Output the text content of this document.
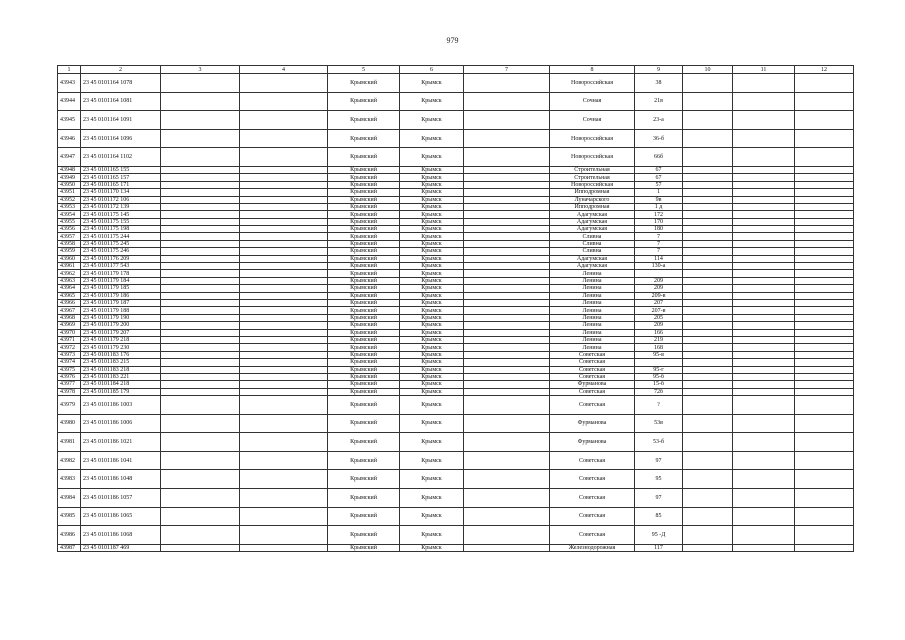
979
1	2	3	4	5	6	7	8	9	10	11	12
43943	23 45 0101164 1078			Крымский	Крымск		Новороссийская	38			
43944	23 45 0101164 1081			Крымский	Крымск		Сочная	21в			
43945	23 45 0101164 1091			Крымский	Крымск		Сочная	23-а			
43946	23 45 0101164 1096			Крымский	Крымск		Новороссийская	36-б			
43947	23 45 0101164 1102			Крымский	Крымск		Новороссийская	66б			
43948	23 45 0101165 155			Крымский	Крымск		Строительная	67			
43949	23 45 0101165 157			Крымский	Крымск		Строительная	67			
43950	23 45 0101165 171			Крымский	Крымск		Новороссийская	57			
43951	23 45 0101170 134			Крымский	Крымск		Ипподромная	1			
43952	23 45 0101172 106			Крымский	Крымск		Луначарского	9в			
43953	23 45 0101172 139			Крымский	Крымск		Ипподромная	1 д			
43954	23 45 0101175 145			Крымский	Крымск		Адагумская	172			
43955	23 45 0101175 155			Крымский	Крымск		Адагумская	170			
43956	23 45 0101175 198			Крымский	Крымск		Адагумская	180			
43957	23 45 0101175 244			Крымский	Крымск		Сливна	7			
43958	23 45 0101175 245			Крымский	Крымск		Сливна	7			
43959	23 45 0101175 246			Крымский	Крымск		Сливна	7			
43960	23 45 0101176 209			Крымский	Крымск		Адагумская	114			
43961	23 45 0101177 543			Крымский	Крымск		Адагумская	130-а			
43962	23 45 0101179 178			Крымский	Крымск		Ленина				
43963	23 45 0101179 184			Крымский	Крымск		Ленина	209			
43964	23 45 0101179 185			Крымский	Крымск		Ленина	209			
43965	23 45 0101179 186			Крымский	Крымск		Ленина	209-в			
43966	23 45 0101179 187			Крымский	Крымск		Ленина	207			
43967	23 45 0101179 188			Крымский	Крымск		Ленина	207-в			
43968	23 45 0101179 190			Крымский	Крымск		Ленина	205			
43969	23 45 0101179 200			Крымский	Крымск		Ленина	209			
43970	23 45 0101179 207			Крымский	Крымск		Ленина	166			
43971	23 45 0101179 218			Крымский	Крымск		Ленина	219			
43972	23 45 0101179 230			Крымский	Крымск		Ленина	168			
43973	23 45 0101183 176			Крымский	Крымск		Советская	95-в			
43974	23 45 0101183 215			Крымский	Крымск		Советская				
43975	23 45 0101183 218			Крымский	Крымск		Советская	95-г			
43976	23 45 0101183 221			Крымский	Крымск		Советская	95-б			
43977	23 45 0101184 218			Крымский	Крымск		Фурманова	15-б			
43978	23 45 0101185 179			Крымский	Крымск		Советская	72б			
43979	23 45 0101186 1003			Крымский	Крымск		Советская	?			
43980	23 45 0101186 1006			Крымский	Крымск		Фурманова	53в			
43981	23 45 0101186 1021			Крымский	Крымск		Фурманова	53-б			
43982	23 45 0101186 1041			Крымский	Крымск		Советская	97			
43983	23 45 0101186 1048			Крымский	Крымск		Советская	95			
43984	23 45 0101186 1057			Крымский	Крымск		Советская	97			
43985	23 45 0101186 1065			Крымский	Крымск		Советская	85			
43986	23 45 0101186 1068			Крымский	Крымск		Советская	95 -Д			
43987	23 45 0101187 469			Крымский	Крымск		Железнодорожная	117			
